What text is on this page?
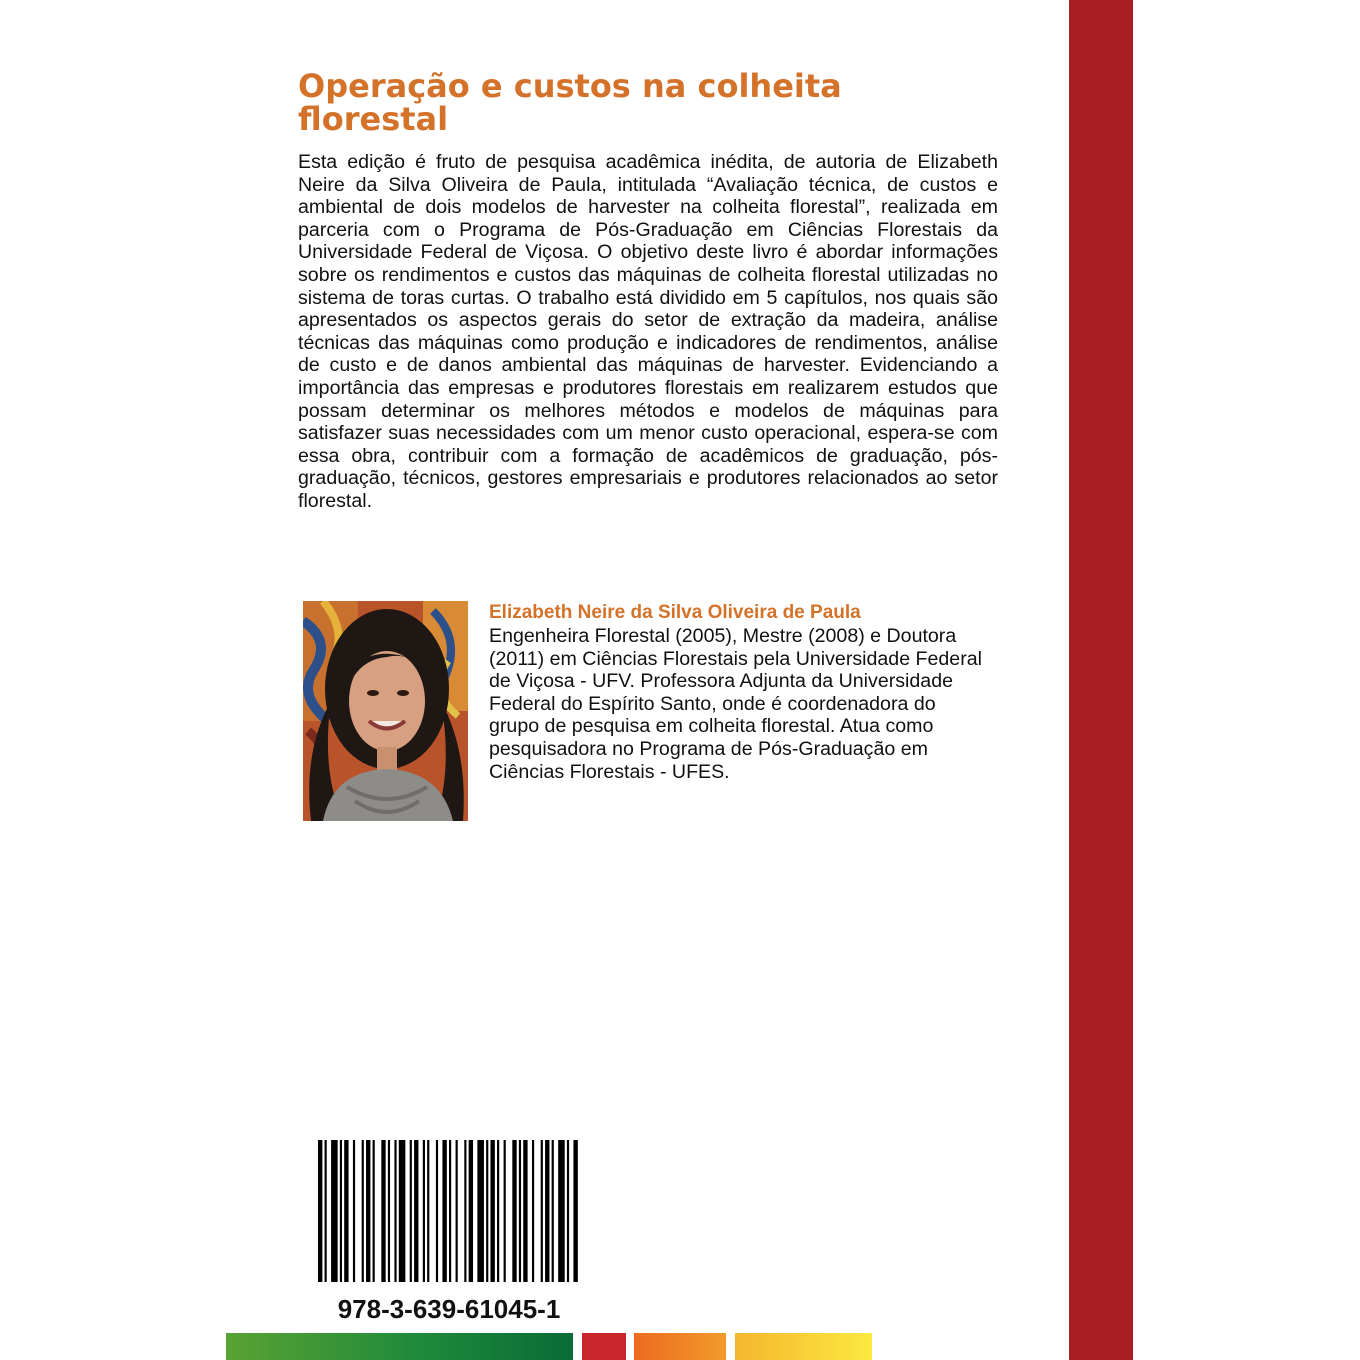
Operação e custos na colheita florestal

Esta edição é fruto de pesquisa acadêmica inédita, de autoria de Elizabeth Neire da Silva Oliveira de Paula, intitulada “Avaliação técnica, de custos e ambiental de dois modelos de harvester na colheita florestal”, realizada em parceria com o Programa de Pós-Graduação em Ciências Florestais da Universidade Federal de Viçosa. O objetivo deste livro é abordar informações sobre os rendimentos e custos das máquinas de colheita florestal utilizadas no sistema de toras curtas. O trabalho está dividido em 5 capítulos, nos quais são apresentados os aspectos gerais do setor de extração da madeira, análise técnicas das máquinas como produção e indicadores de rendimentos, análise de custo e de danos ambiental das máquinas de harvester. Evidenciando a importância das empresas e produtores florestais em realizarem estudos que possam determinar os melhores métodos e modelos de máquinas para satisfazer suas necessidades com um menor custo operacional, espera-se com essa obra, contribuir com a formação de acadêmicos de graduação, pós-graduação, técnicos, gestores empresariais e produtores relacionados ao setor florestal.

Elizabeth Neire da Silva Oliveira de Paula

Engenheira Florestal (2005), Mestre (2008) e Doutora (2011) em Ciências Florestais pela Universidade Federal de Viçosa - UFV. Professora Adjunta da Universidade Federal do Espírito Santo, onde é coordenadora do grupo de pesquisa em colheita florestal. Atua como pesquisadora no Programa de Pós-Graduação em Ciências Florestais - UFES.

978-3-639-61045-1
